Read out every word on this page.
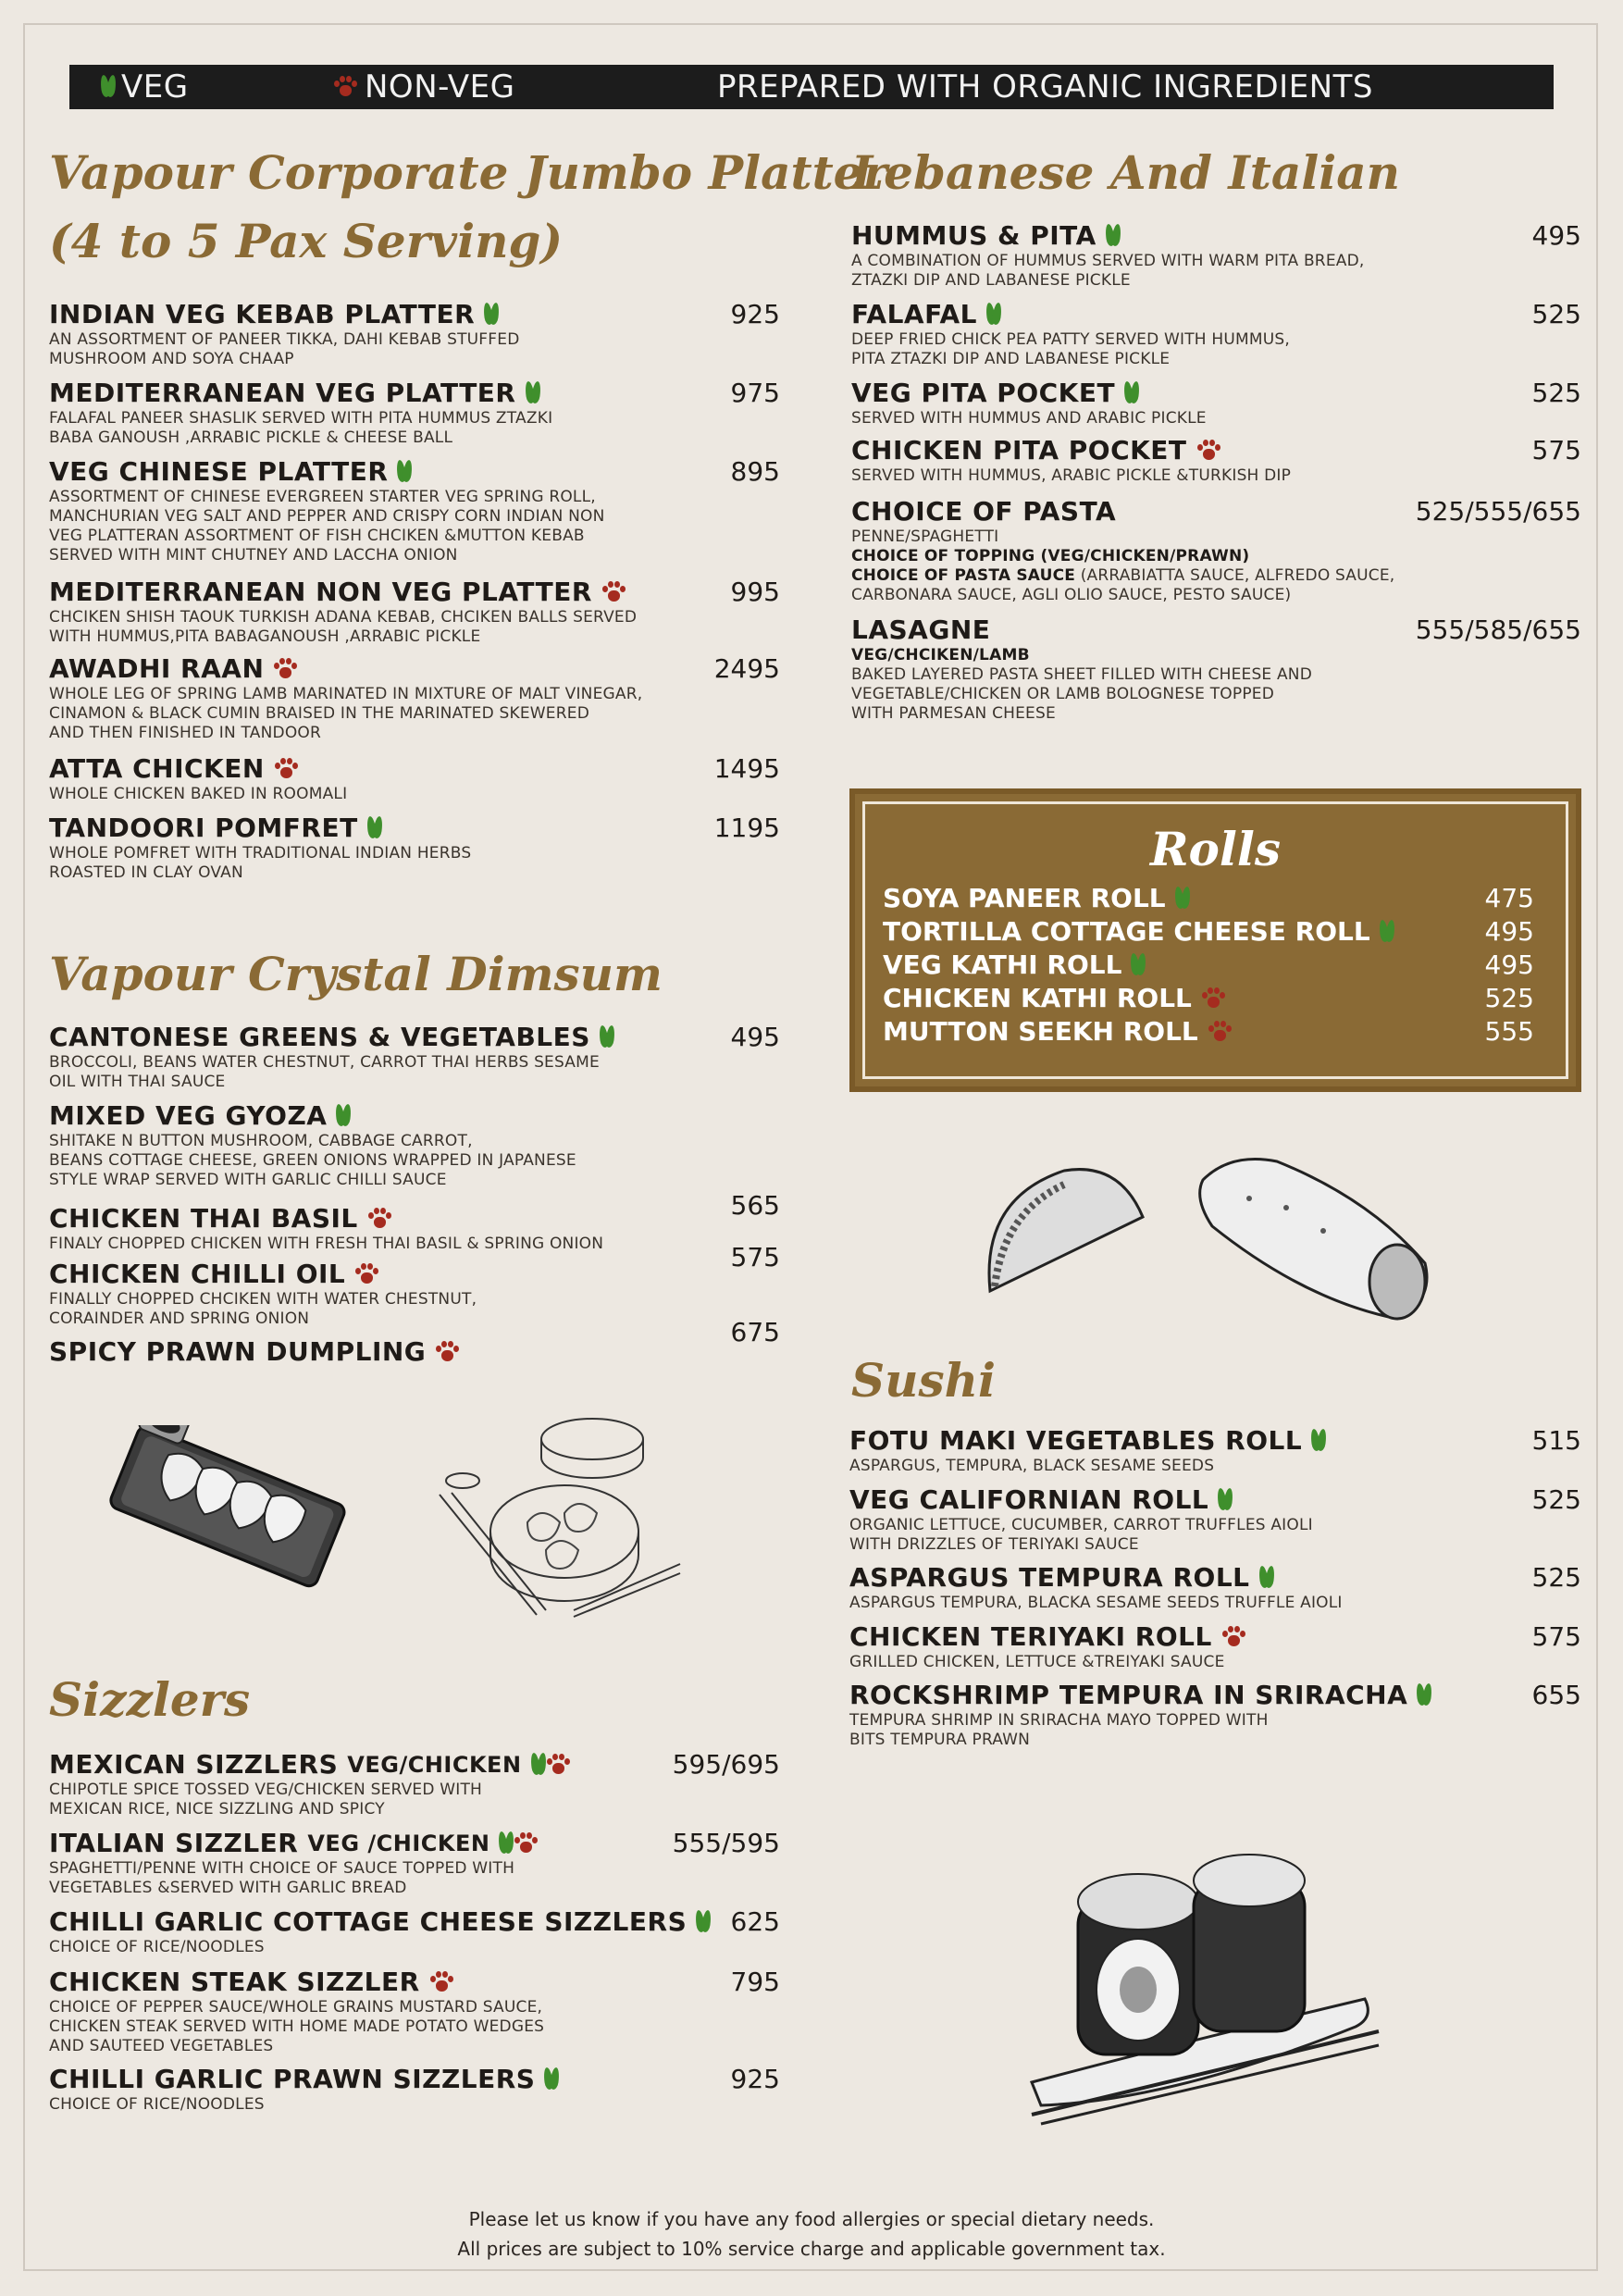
VEG	NON-VEG	PREPARED WITH ORGANIC INGREDIENTS
Vapour Corporate Jumbo Platter
(4 to 5 Pax Serving)
INDIAN VEG KEBAB PLATTER
AN ASSORTMENT OF PANEER TIKKA, DAHI KEBAB STUFFED
MUSHROOM AND SOYA CHAAP
925
MEDITERRANEAN VEG PLATTER
FALAFAL PANEER SHASLIK SERVED WITH PITA HUMMUS ZTAZKI
BABA GANOUSH ,ARRABIC PICKLE & CHEESE BALL
975
VEG CHINESE PLATTER
ASSORTMENT OF CHINESE EVERGREEN STARTER VEG SPRING ROLL,
MANCHURIAN VEG SALT AND PEPPER AND CRISPY CORN INDIAN NON
VEG PLATTERAN ASSORTMENT OF FISH CHCIKEN &MUTTON KEBAB
SERVED WITH MINT CHUTNEY AND LACCHA ONION
895
MEDITERRANEAN NON VEG PLATTER
CHCIKEN SHISH TAOUK TURKISH ADANA KEBAB, CHCIKEN BALLS SERVED
WITH HUMMUS,PITA BABAGANOUSH ,ARRABIC PICKLE
995
AWADHI RAAN
WHOLE LEG OF SPRING LAMB MARINATED IN MIXTURE OF MALT VINEGAR,
CINAMON & BLACK CUMIN BRAISED IN THE MARINATED SKEWERED
AND THEN FINISHED IN TANDOOR
2495
ATTA CHICKEN
WHOLE CHICKEN BAKED IN ROOMALI
1495
TANDOORI POMFRET
WHOLE POMFRET WITH TRADITIONAL INDIAN HERBS
ROASTED IN CLAY OVAN
1195
Vapour Crystal Dimsum
CANTONESE GREENS & VEGETABLES
BROCCOLI, BEANS WATER CHESTNUT, CARROT THAI HERBS SESAME
OIL WITH THAI SAUCE
495
MIXED VEG GYOZA
SHITAKE N BUTTON MUSHROOM, CABBAGE CARROT,
BEANS COTTAGE CHEESE, GREEN ONIONS WRAPPED IN JAPANESE
STYLE WRAP SERVED WITH GARLIC CHILLI SAUCE
CHICKEN THAI BASIL
FINALY CHOPPED CHICKEN WITH FRESH THAI BASIL & SPRING ONION
565
CHICKEN CHILLI OIL
FINALLY CHOPPED CHCIKEN WITH WATER CHESTNUT,
CORAINDER AND SPRING ONION
575
SPICY PRAWN DUMPLING
675
Sizzlers
MEXICAN SIZZLERS VEG/CHICKEN
CHIPOTLE SPICE TOSSED VEG/CHICKEN SERVED WITH
MEXICAN RICE, NICE SIZZLING AND SPICY
595/695
ITALIAN SIZZLER VEG /CHICKEN
SPAGHETTI/PENNE WITH CHOICE OF SAUCE TOPPED WITH
VEGETABLES &SERVED WITH GARLIC BREAD
555/595
CHILLI GARLIC COTTAGE CHEESE SIZZLERS
CHOICE OF RICE/NOODLES
625
CHICKEN STEAK SIZZLER
CHOICE OF PEPPER SAUCE/WHOLE GRAINS MUSTARD SAUCE,
CHICKEN STEAK SERVED WITH HOME MADE POTATO WEDGES
AND SAUTEED VEGETABLES
795
CHILLI GARLIC PRAWN SIZZLERS
CHOICE OF RICE/NOODLES
925
Lebanese And Italian
HUMMUS & PITA
A COMBINATION OF HUMMUS SERVED WITH WARM PITA BREAD,
ZTAZKI DIP AND LABANESE PICKLE
495
FALAFAL
DEEP FRIED CHICK PEA PATTY SERVED WITH HUMMUS,
PITA ZTAZKI DIP AND LABANESE PICKLE
525
VEG PITA POCKET
SERVED WITH HUMMUS AND ARABIC PICKLE
525
CHICKEN PITA POCKET
SERVED WITH HUMMUS, ARABIC PICKLE &TURKISH DIP
575
CHOICE OF PASTA
PENNE/SPAGHETTI
CHOICE OF TOPPING (VEG/CHICKEN/PRAWN)
CHOICE OF PASTA SAUCE (ARRABIATTA SAUCE, ALFREDO SAUCE,
CARBONARA SAUCE, AGLI OLIO SAUCE, PESTO SAUCE)
525/555/655
LASAGNE
VEG/CHCIKEN/LAMB
BAKED LAYERED PASTA SHEET FILLED WITH CHEESE AND
VEGETABLE/CHICKEN OR LAMB BOLOGNESE TOPPED
WITH PARMESAN CHEESE
555/585/655
Rolls
SOYA PANEER ROLL	475
TORTILLA COTTAGE CHEESE ROLL	495
VEG KATHI ROLL	495
CHICKEN KATHI ROLL	525
MUTTON SEEKH ROLL	555
Sushi
FOTU MAKI VEGETABLES ROLL
ASPARGUS, TEMPURA, BLACK SESAME SEEDS
515
VEG CALIFORNIAN ROLL
ORGANIC LETTUCE, CUCUMBER, CARROT TRUFFLES AIOLI
WITH DRIZZLES OF TERIYAKI SAUCE
525
ASPARGUS TEMPURA ROLL
ASPARGUS TEMPURA, BLACKA SESAME SEEDS TRUFFLE AIOLI
525
CHICKEN TERIYAKI ROLL
GRILLED CHICKEN, LETTUCE &TREIYAKI SAUCE
575
ROCKSHRIMP TEMPURA IN SRIRACHA
TEMPURA SHRIMP IN SRIRACHA MAYO TOPPED WITH
BITS TEMPURA PRAWN
655
Please let us know if you have any food allergies or special dietary needs.
All prices are subject to 10% service charge and applicable government tax.
